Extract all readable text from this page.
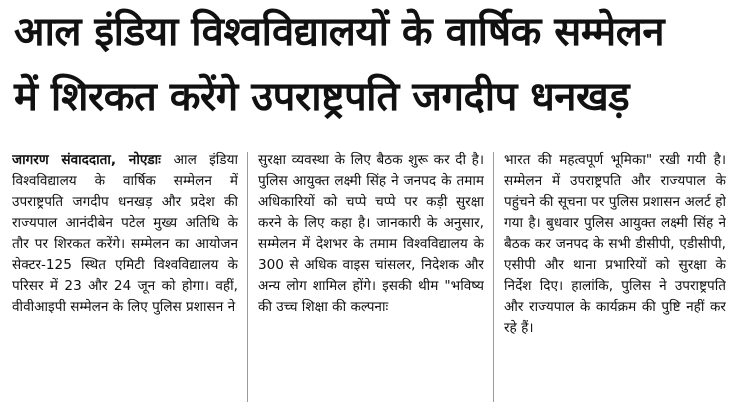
आल इंडिया विश्वविद्यालयों के वार्षिक सम्मेलन
में शिरकत करेंगे उपराष्ट्रपति जगदीप धनखड़
जागरण संवाददाता, नोएडाः आल इंडिया विश्वविद्यालय के वार्षिक सम्मेलन में उपराष्ट्रपति जगदीप धनखड़ और प्रदेश की राज्यपाल आनंदीबेन पटेल मुख्य अतिथि के तौर पर शिरकत करेंगे। सम्मेलन का आयोजन सेक्टर-125 स्थित एमिटी विश्वविद्यालय के परिसर में 23 और 24 जून को होगा। वहीं, वीवीआइपी सम्मेलन के लिए पुलिस प्रशासन ने
सुरक्षा व्यवस्था के लिए बैठक शुरू कर दी है। पुलिस आयुक्त लक्ष्मी सिंह ने जनपद के तमाम अधिकारियों को चप्पे चप्पे पर कड़ी सुरक्षा करने के लिए कहा है। जानकारी के अनुसार, सम्मेलन में देशभर के तमाम विश्वविद्यालय के 300 से अधिक वाइस चांसलर, निदेशक और अन्य लोग शामिल होंगे। इसकी थीम "भविष्य की उच्च शिक्षा की कल्पनाः
भारत की महत्वपूर्ण भूमिका" रखी गयी है। सम्मेलन में उपराष्ट्रपति और राज्यपाल के पहुंचने की सूचना पर पुलिस प्रशासन अलर्ट हो गया है। बुधवार पुलिस आयुक्त लक्ष्मी सिंह ने बैठक कर जनपद के सभी डीसीपी, एडीसीपी, एसीपी और थाना प्रभारियों को सुरक्षा के निर्देश दिए। हालांकि, पुलिस ने उपराष्ट्रपति और राज्यपाल के कार्यक्रम की पुष्टि नहीं कर रहे हैं।
